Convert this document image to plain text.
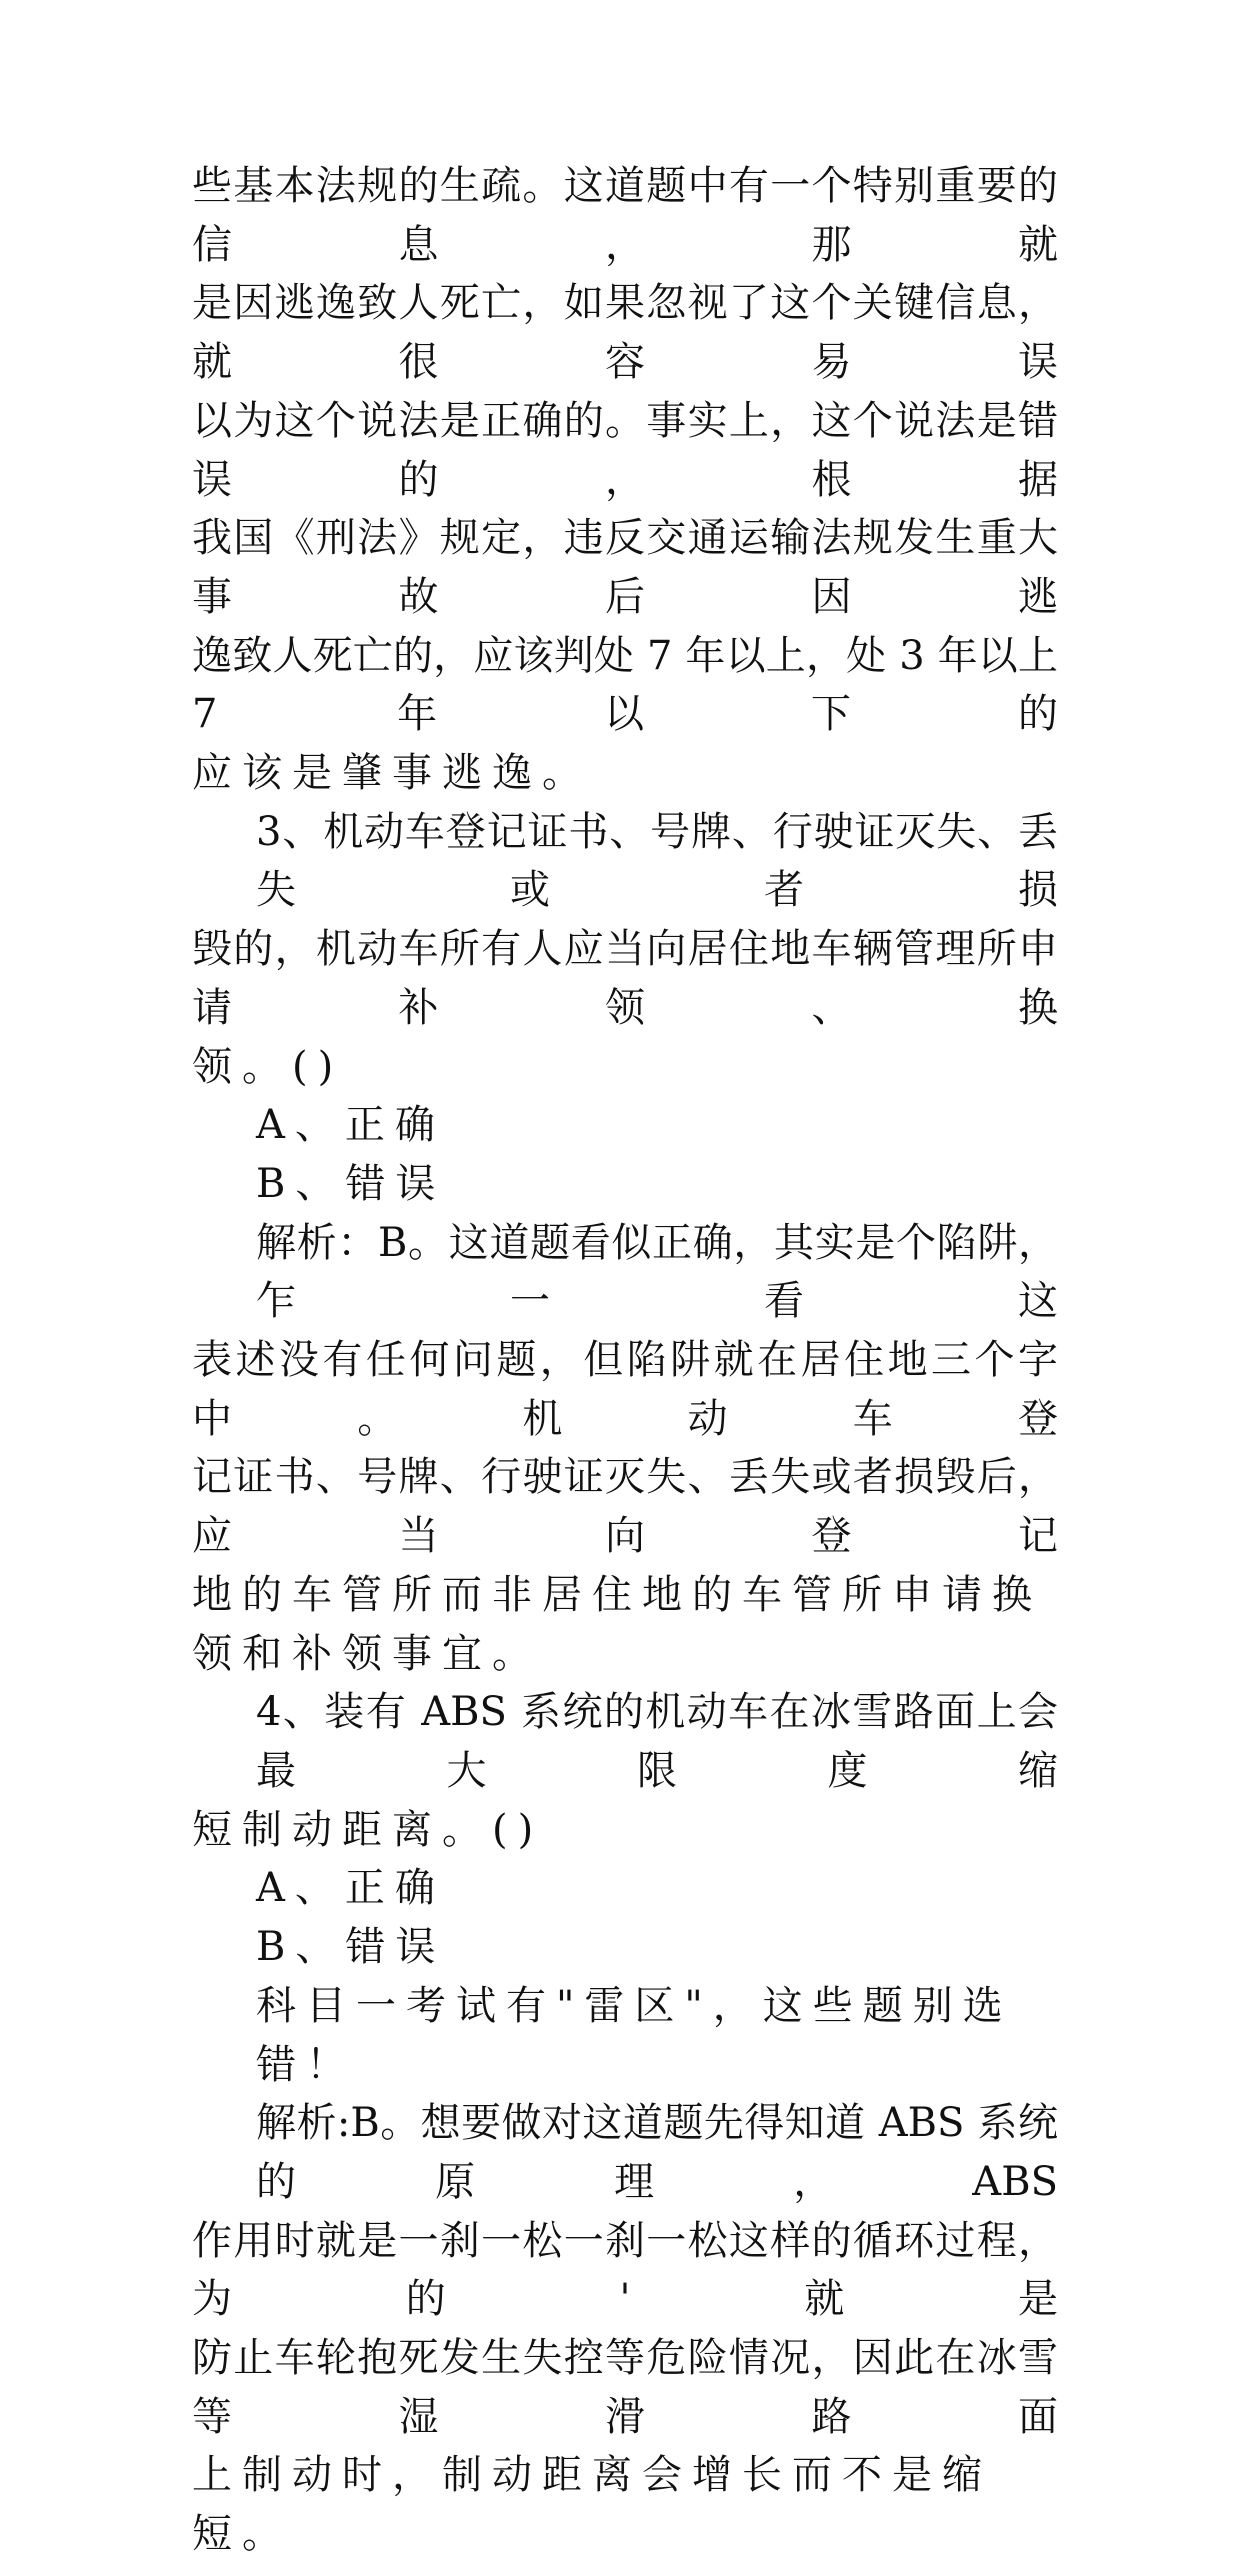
些基本法规的生疏。这道题中有一个特别重要的信息，那就
是因逃逸致人死亡，如果忽视了这个关键信息，就很容易误
以为这个说法是正确的。事实上，这个说法是错误的，根据
我国《刑法》规定，违反交通运输法规发生重大事故后因逃
逸致人死亡的，应该判处 7 年以上，处 3 年以上 7 年以下的
应该是肇事逃逸。
3、机动车登记证书、号牌、行驶证灭失、丢失或者损
毁的，机动车所有人应当向居住地车辆管理所申请补领、换
领。()
A、正确
B、错误
解析：B。这道题看似正确，其实是个陷阱，乍一看这
表述没有任何问题，但陷阱就在居住地三个字中。机动车登
记证书、号牌、行驶证灭失、丢失或者损毁后，应当向登记
地的车管所而非居住地的车管所申请换领和补领事宜。
4、装有 ABS 系统的机动车在冰雪路面上会最大限度缩
短制动距离。()
A、正确
B、错误
科目一考试有"雷区"，这些题别选错！
解析:B。想要做对这道题先得知道 ABS 系统的原理，ABS
作用时就是一刹一松一刹一松这样的循环过程，为的'就是
防止车轮抱死发生失控等危险情况，因此在冰雪等湿滑路面
上制动时，制动距离会增长而不是缩短。
